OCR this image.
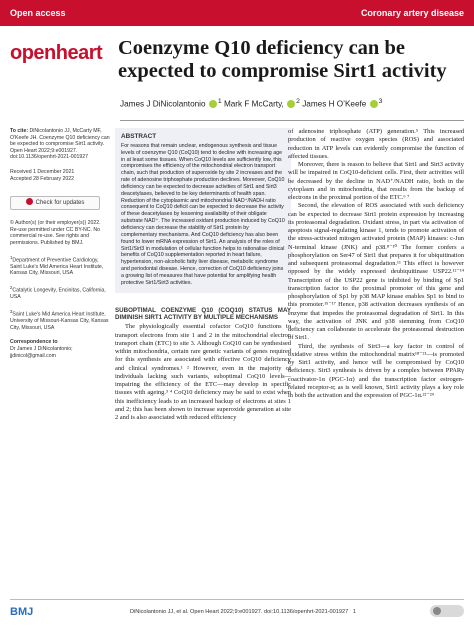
Open access	Coronary artery disease
openheart Coenzyme Q10 deficiency can be expected to compromise Sirt1 activity
James J DiNicolantonio $^1$ Mark F McCarty, $^2$ James H O’Keefe $^3$
To cite: DiNicolantonio JJ, McCarty MF, O'Keefe JH. Coenzyme Q10 deficiency can be expected to compromise Sirt1 activity. Open Heart 2022;9:e001927. doi:10.1136/openhrt-2021-001927
Received 1 December 2021
Accepted 28 February 2022
Check for updates
© Author(s) (or their employer(s)) 2022. Re-use permitted under CC BY-NC. No commercial re-use. See rights and permissions. Published by BMJ.
$^1$Department of Preventive Cardiology, Saint Luke's Mid America Heart Institute, Kansas City, Missouri, USA
$^2$Catalytic Longevity, Encinitas, California, USA
$^3$Saint Luke's Mid America Heart Institute, University of Missouri-Kansas City, Kansas City, Missouri, USA
Correspondence to
Dr James J DiNicolantonio;
jjdinicol@gmail.com
ABSTRACT
For reasons that remain unclear, endogenous synthesis and tissue levels of coenzyme Q10 (CoQ10) tend to decline with increasing age in at least some tissues. When CoQ10 levels are sufficiently low, this compromises the efficiency of the mitochondrial electron transport chain, such that production of superoxide by site 2 increases and the rate of adenosine triphosphate production declines. Moreover, CoQ10 deficiency can be expected to decrease activities of Sirt1 and Sirt3 deacetylases, believed to be key determinants of health span. Reduction of the cytoplasmic and mitochondrial NAD⁺/NADH ratio consequent to CoQ10 deficit can be expected to decrease the activity of these deacetylases by lessening availability of their obligate substrate NAD⁺. The increased oxidant production induced by CoQ10 deficiency can decrease the stability of Sirt1 protein by complementary mechanisms. And CoQ10 deficiency has also been found to lower mRNA expression of Sirt1. An analysis of the roles of Sirt1/Sirt3 in modulation of cellular function helps to rationalise clinical benefits of CoQ10 supplementation reported in heart failure, hypertension, non-alcoholic fatty liver disease, metabolic syndrome and periodontal disease. Hence, correction of CoQ10 deficiency joins a growing list of measures that have potential for amplifying health protective Sirt1/Sirt3 activities.
SUBOPTIMAL COENZYME Q10 (COQ10) STATUS MAY DIMINISH SIRT1 ACTIVITY BY MULTIPLE MECHANISMS

The physiologically essential cofactor CoQ10 functions to transport electrons from site 1 and 2 in the mitochondrial electron transport chain (ETC) to site 3. Although CoQ10 can be synthesised within mitochondria, certain rare genetic variants of genes required for this synthesis are associated with effective CoQ10 deficiency and clinical syndromes.¹ ² However, even in the majority of individuals lacking such variants, suboptimal CoQ10 levels—impairing the efficiency of the ETC—may develop in specific tissues with ageing.³ ⁴ CoQ10 deficiency may be said to exist when this inefficiency leads to an increased backup of electrons at sites 1 and 2; this has been shown to increase superoxide generation at site 2 and is also associated with reduced efficiency

of adenosine triphosphate (ATP) generation.⁵ This increased production of reactive oxygen species (ROS) and associated reduction in ATP levels can evidently compromise the function of affected tissues.

Moreover, there is reason to believe that Sirt1 and Sirt3 activity will be impaired in CoQ10-deficient cells. First, their activities will be decreased by the decline in NAD⁺/NADH ratio, both in the cytoplasm and in mitochondria, that results from the backup of electrons in the proximal portion of the ETC.⁶ ⁷

Second, the elevation of ROS associated with such deficiency can be expected to decrease Sirt1 protein expression by increasing its proteasomal degradation. Oxidant stress, in part via activation of apoptosis signal-regulating kinase 1, tends to promote activation of the stress-activated mitogen activated protein (MAP) kinases: c-Jun N-terminal kinase (JNK) and p38.⁸⁻¹⁰ The former confers a phosphorylation on Ser47 of Sirt1 that prepares it for ubiquitination and subsequent proteasomal degradation.¹¹ This effect is however opposed by the widely expressed deubiquitinase USP22.¹²⁻¹⁴ Transcription of the USP22 gene is inhibited by binding of Sp1 transcription factor to the proximal promoter of this gene and phosphorylation of Sp1 by p38 MAP kinase enables Sp1 to bind to this promoter.¹⁵⁻¹⁷ Hence, p38 activation decreases synthesis of an enzyme that impedes the proteasomal degradation of Sirt1. In this way, the activation of JNK and p38 stemming from CoQ10 deficiency can collaborate to accelerate the proteasomal destruction of Sirt1.

Third, the synthesis of Sirt3—a key factor in control of oxidative stress within the mitochondrial matrix¹⁸⁻²¹—is promoted by Sirt1 activity, and hence will be compromised by CoQ10 deficiency. Sirt3 synthesis is driven by a complex between PPARγ coactivator-1α (PGC-1α) and the transcription factor estrogen-related receptor-α; as is well known, Sirt1 activity plays a key role in both the activation and the expression of PGC-1α.²²⁻²⁴

BMJ	DiNicolantonio JJ, et al. Open Heart 2022;9:e001927. doi:10.1136/openhrt-2021-001927 1
